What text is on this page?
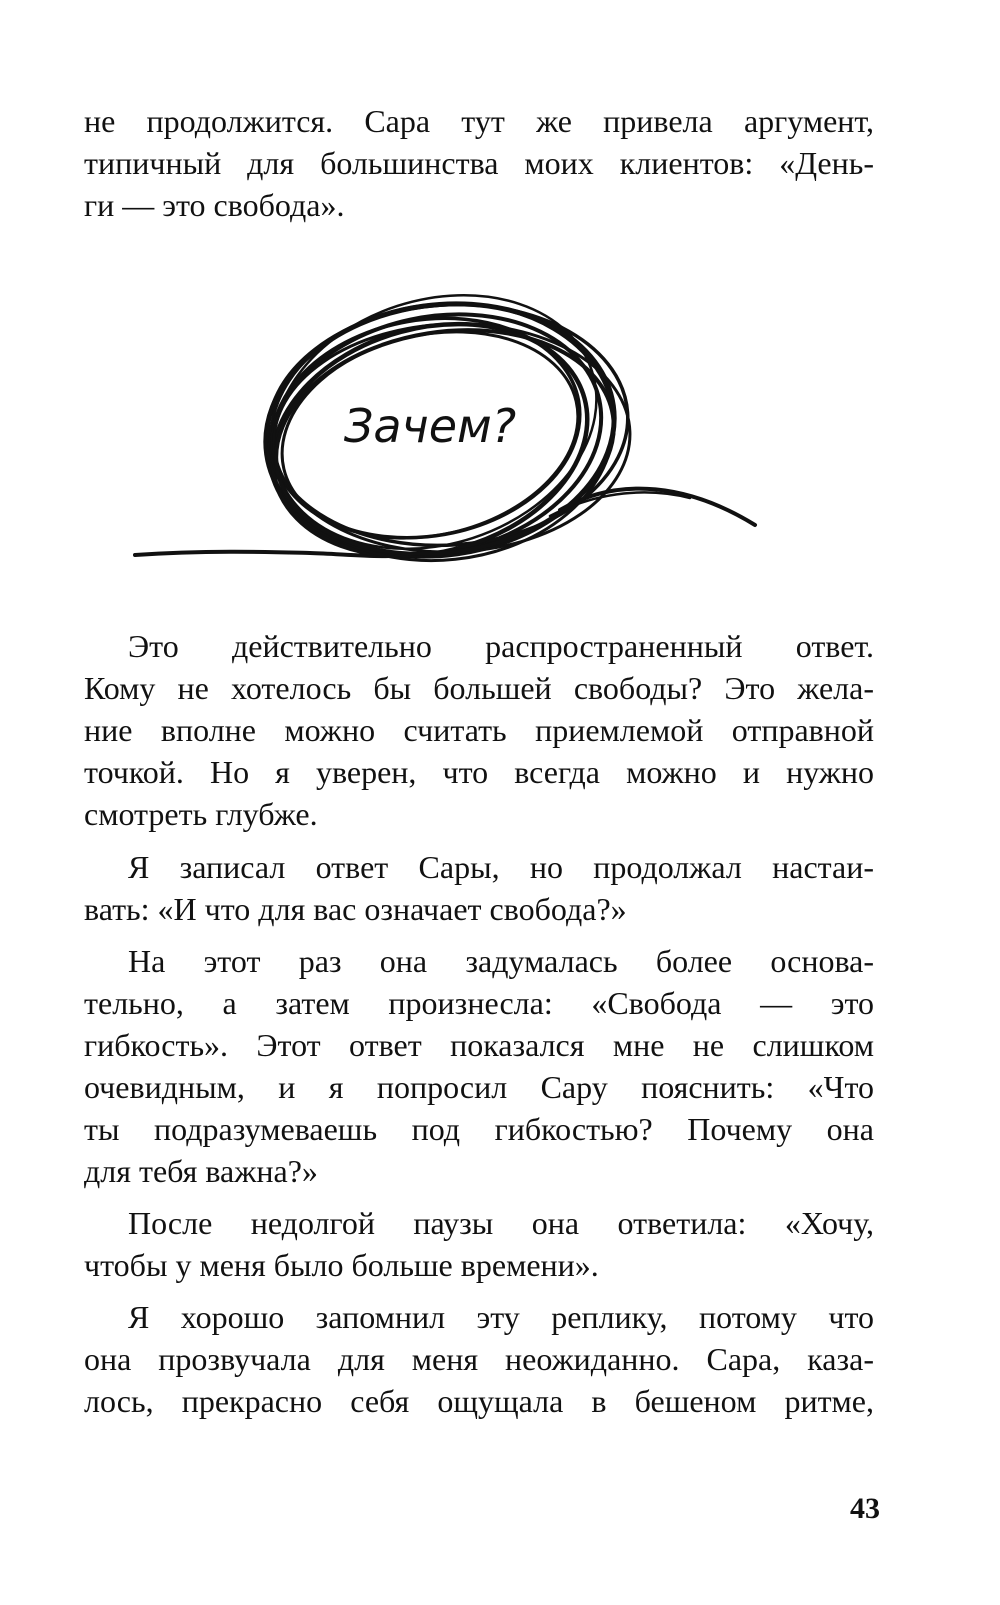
не продолжится. Сара тут же привела аргумент,
типичный для большинства моих клиентов: «День-
ги — это свобода».

Зачем?

Это действительно распространенный ответ.
Кому не хотелось бы большей свободы? Это жела-
ние вполне можно считать приемлемой отправной
точкой. Но я уверен, что всегда можно и нужно
смотреть глубже.

Я записал ответ Сары, но продолжал настаи-
вать: «И что для вас означает свобода?»

На этот раз она задумалась более основа-
тельно, а затем произнесла: «Свобода — это
гибкость». Этот ответ показался мне не слишком
очевидным, и я попросил Сару пояснить: «Что
ты подразумеваешь под гибкостью? Почему она
для тебя важна?»

После недолгой паузы она ответила: «Хочу,
чтобы у меня было больше времени».

Я хорошо запомнил эту реплику, потому что
она прозвучала для меня неожиданно. Сара, каза-
лось, прекрасно себя ощущала в бешеном ритме,

43
